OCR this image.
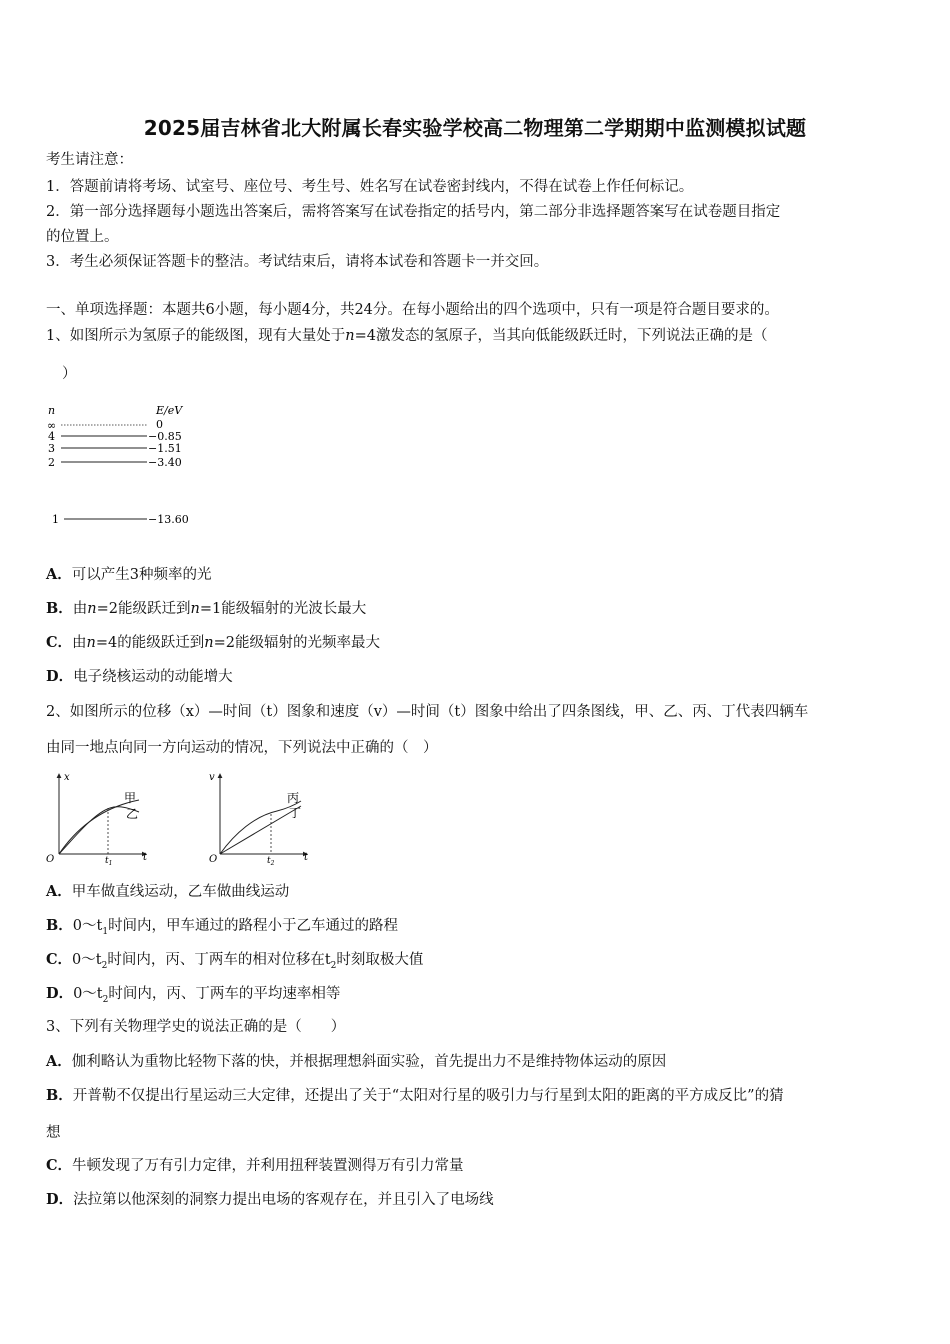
2025届吉林省北大附属长春实验学校高二物理第二学期期中监测模拟试题
考生请注意：
1．答题前请将考场、试室号、座位号、考生号、姓名写在试卷密封线内，不得在试卷上作任何标记。
2．第一部分选择题每小题选出答案后，需将答案写在试卷指定的括号内，第二部分非选择题答案写在试卷题目指定
的位置上。
3．考生必须保证答题卡的整洁。考试结束后，请将本试卷和答题卡一并交回。
一、单项选择题：本题共6小题，每小题4分，共24分。在每小题给出的四个选项中，只有一项是符合题目要求的。
1、如图所示为氢原子的能级图，现有大量处于n=4激发态的氢原子，当其向低能级跃迁时，下列说法正确的是（
）
n	E/eV
∞	0
4	−0.85
3	−1.51
2	−3.40
1	−13.60
A．可以产生3种频率的光
B．由n=2能级跃迁到n=1能级辐射的光波长最大
C．由n=4的能级跃迁到n=2能级辐射的光频率最大
D．电子绕核运动的动能增大
2、如图所示的位移（x）—时间（t）图象和速度（v）—时间（t）图象中给出了四条图线，甲、乙、丙、丁代表四辆车
由同一地点向同一方向运动的情况，下列说法中正确的（　）
x
t
O	$t_1$
甲
乙
v
t
O	$t_2$
丙
丁
A．甲车做直线运动，乙车做曲线运动
B．$0\sim t_1$时间内，甲车通过的路程小于乙车通过的路程
C．$0\sim t_2$时间内，丙、丁两车的相对位移在$t_2$时刻取极大值
D．$0\sim t_2$时间内，丙、丁两车的平均速率相等
3、下列有关物理学史的说法正确的是（　　）
A．伽利略认为重物比轻物下落的快，并根据理想斜面实验，首先提出力不是维持物体运动的原因
B．开普勒不仅提出行星运动三大定律，还提出了关于“太阳对行星的吸引力与行星到太阳的距离的平方成反比”的猜
想
C．牛顿发现了万有引力定律，并利用扭秤装置测得万有引力常量
D．法拉第以他深刻的洞察力提出电场的客观存在，并且引入了电场线
